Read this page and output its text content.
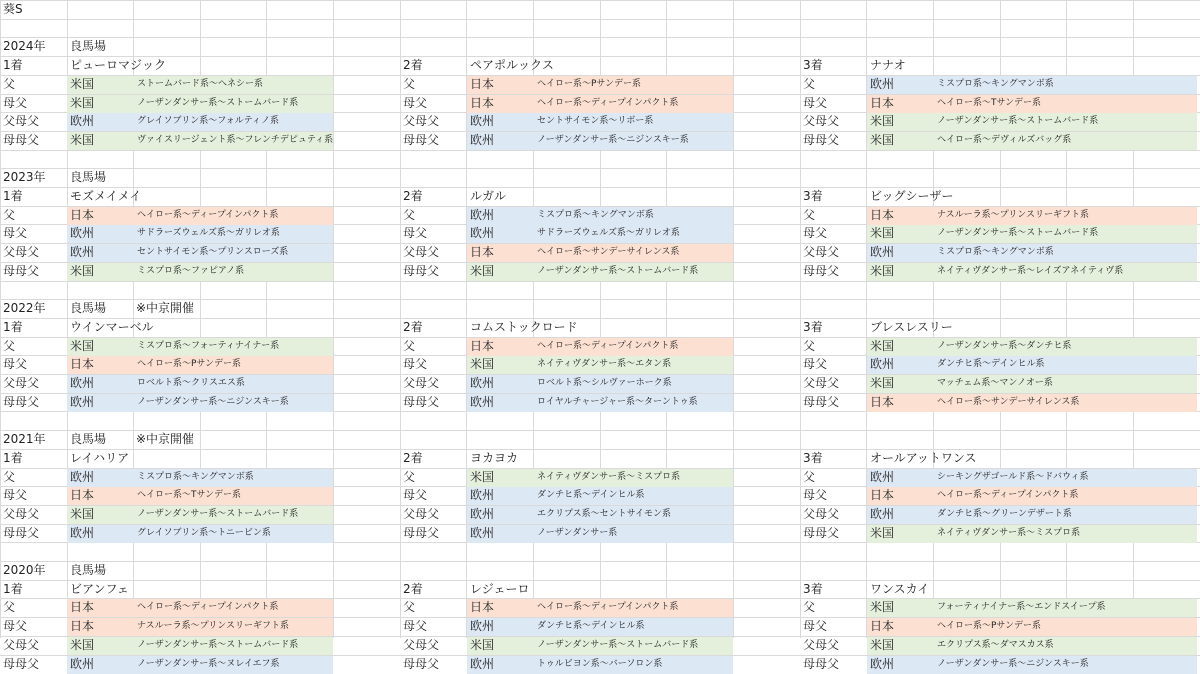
葵S
2024年 良馬場
1着	ピューロマジック
父	米国	ストームバード系～ヘネシー系
母父	米国	ノーザンダンサー系～ストームバード系
父母父	欧州	グレイソブリン系～フォルティノ系
母母父	米国	ヴァイスリージェント系～フレンチデピュティ系
2着	ペアポルックス
父	日本	ヘイロー系～Pサンデー系
母父	日本	ヘイロー系～ディープインパクト系
父母父	欧州	セントサイモン系～リボー系
母母父	欧州	ノーザンダンサー系～ニジンスキー系
3着	ナナオ
父	欧州	ミスプロ系～キングマンボ系
母父	日本	ヘイロー系～Tサンデー系
父母父	米国	ノーザンダンサー系～ストームバード系
母母父	米国	ヘイロー系～デヴィルズバッグ系
2023年 良馬場
1着	モズメイメイ
父	日本	ヘイロー系～ディープインパクト系
母父	欧州	サドラーズウェルズ系～ガリレオ系
父母父	欧州	セントサイモン系～プリンスローズ系
母母父	米国	ミスプロ系～ファピアノ系
2着	ルガル
父	欧州	ミスプロ系～キングマンボ系
母父	欧州	サドラーズウェルズ系～ガリレオ系
父母父	日本	ヘイロー系～サンデーサイレンス系
母母父	米国	ノーザンダンサー系～ストームバード系
3着	ビッグシーザー
父	日本	ナスルーラ系～プリンスリーギフト系
母父	米国	ノーザンダンサー系～ストームバード系
父母父	欧州	ミスプロ系～キングマンボ系
母母父	米国	ネイティヴダンサー系～レイズアネイティヴ系
2022年 良馬場 ※中京開催
1着	ウインマーベル
父	米国	ミスプロ系～フォーティナイナー系
母父	日本	ヘイロー系～Pサンデー系
父母父	欧州	ロベルト系～クリスエス系
母母父	欧州	ノーザンダンサー系～ニジンスキー系
2着	コムストックロード
父	日本	ヘイロー系～ディープインパクト系
母父	米国	ネイティヴダンサー系～エタン系
父母父	欧州	ロベルト系～シルヴァーホーク系
母母父	欧州	ロイヤルチャージャー系～ターントゥ系
3着	ブレスレスリー
父	米国	ノーザンダンサー系～ダンチヒ系
母父	欧州	ダンチヒ系～デインヒル系
父母父	米国	マッチェム系～マンノオー系
母母父	日本	ヘイロー系～サンデーサイレンス系
2021年 良馬場 ※中京開催
1着	レイハリア
父	欧州	ミスプロ系～キングマンボ系
母父	日本	ヘイロー系～Tサンデー系
父母父	米国	ノーザンダンサー系～ストームバード系
母母父	欧州	グレイソブリン系～トニービン系
2着	ヨカヨカ
父	米国	ネイティヴダンサー系～ミスプロ系
母父	欧州	ダンチヒ系～デインヒル系
父母父	欧州	エクリプス系～セントサイモン系
母母父	欧州	ノーザンダンサー系
3着	オールアットワンス
父	欧州	シーキングザゴールド系～ドバウィ系
母父	日本	ヘイロー系～ディープインパクト系
父母父	欧州	ダンチヒ系～グリーンデザート系
母母父	米国	ネイティヴダンサー系～ミスプロ系
2020年 良馬場
1着	ビアンフェ
父	日本	ヘイロー系～ディープインパクト系
母父	日本	ナスルーラ系～プリンスリーギフト系
父母父	米国	ノーザンダンサー系～ストームバード系
母母父	欧州	ノーザンダンサー系～ヌレイエフ系
2着	レジェーロ
父	日本	ヘイロー系～ディープインパクト系
母父	欧州	ダンチヒ系～デインヒル系
父母父	米国	ノーザンダンサー系～ストームバード系
母母父	欧州	トゥルビヨン系～バーソロン系
3着	ワンスカイ
父	米国	フォーティナイナー系～エンドスイープ系
母父	日本	ヘイロー系～Pサンデー系
父母父	米国	エクリプス系～ダマスカス系
母母父	欧州	ノーザンダンサー系～ニジンスキー系
